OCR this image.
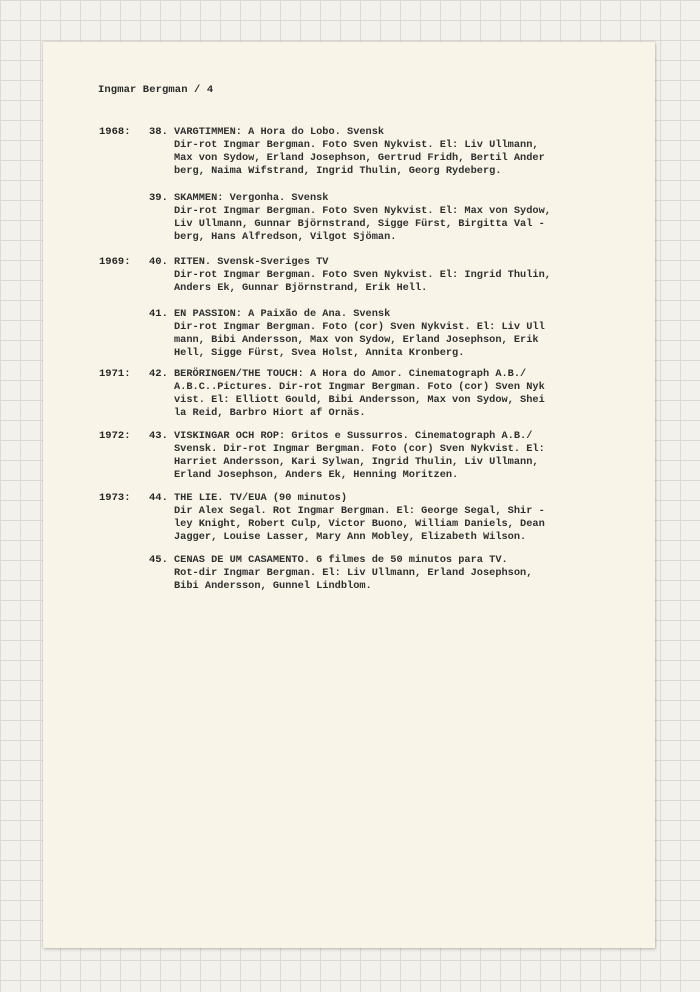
Ingmar Bergman / 4
1968: 38. VARGTIMMEN: A Hora do Lobo. Svensk
Dir-rot Ingmar Bergman. Foto Sven Nykvist. El: Liv Ullmann,
Max von Sydow, Erland Josephson, Gertrud Fridh, Bertil Ander
berg, Naima Wifstrand, Ingrid Thulin, Georg Rydeberg.
39. SKAMMEN: Vergonha. Svensk
Dir-rot Ingmar Bergman. Foto Sven Nykvist. El: Max von Sydow,
Liv Ullmann, Gunnar Björnstrand, Sigge Fürst, Birgitta Val -
berg, Hans Alfredson, Vilgot Sjöman.
1969: 40. RITEN. Svensk-Sveriges TV
Dir-rot Ingmar Bergman. Foto Sven Nykvist. El: Ingrid Thulin,
Anders Ek, Gunnar Björnstrand, Erik Hell.
41. EN PASSION: A Paixão de Ana. Svensk
Dir-rot Ingmar Bergman. Foto (cor) Sven Nykvist. El: Liv Ull
mann, Bibi Andersson, Max von Sydow, Erland Josephson, Erik
Hell, Sigge Fürst, Svea Holst, Annita Kronberg.
1971: 42. BERÖRINGEN/THE TOUCH: A Hora do Amor. Cinematograph A.B./
A.B.C..Pictures. Dir-rot Ingmar Bergman. Foto (cor) Sven Nyk
vist. El: Elliott Gould, Bibi Andersson, Max von Sydow, Shei
la Reid, Barbro Hiort af Ornäs.
1972: 43. VISKINGAR OCH ROP: Gritos e Sussurros. Cinematograph A.B./
Svensk. Dir-rot Ingmar Bergman. Foto (cor) Sven Nykvist. El:
Harriet Andersson, Kari Sylwan, Ingrid Thulin, Liv Ullmann,
Erland Josephson, Anders Ek, Henning Moritzen.
1973: 44. THE LIE. TV/EUA (90 minutos)
Dir Alex Segal. Rot Ingmar Bergman. El: George Segal, Shir -
ley Knight, Robert Culp, Victor Buono, William Daniels, Dean
Jagger, Louise Lasser, Mary Ann Mobley, Elizabeth Wilson.
45. CENAS DE UM CASAMENTO. 6 filmes de 50 minutos para TV.
Rot-dir Ingmar Bergman. El: Liv Ullmann, Erland Josephson,
Bibi Andersson, Gunnel Lindblom.
